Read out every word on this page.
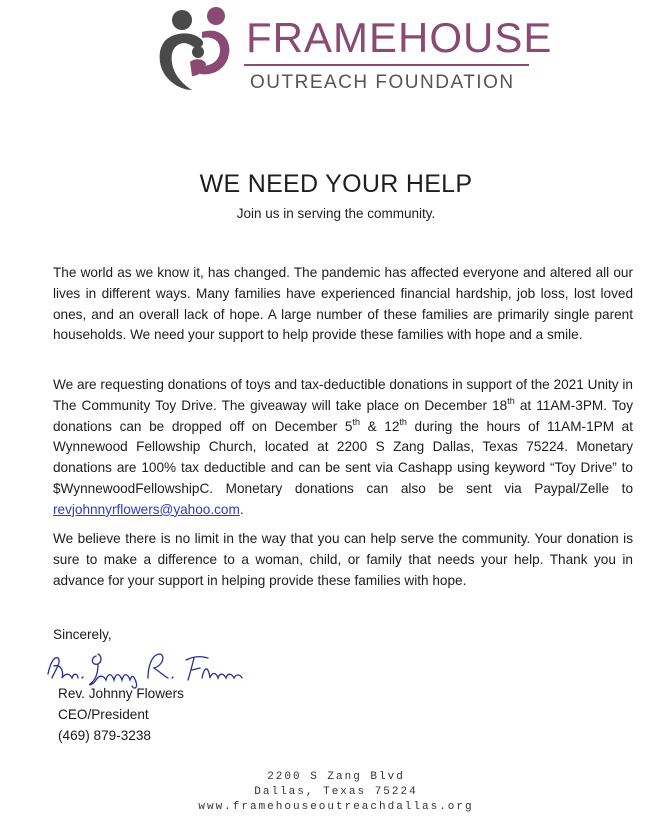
FRAMEHOUSE
OUTREACH FOUNDATION
WE NEED YOUR HELP
Join us in serving the community.
The world as we know it, has changed. The pandemic has affected everyone and altered all our lives in different ways. Many families have experienced financial hardship, job loss, lost loved ones, and an overall lack of hope. A large number of these families are primarily single parent households. We need your support to help provide these families with hope and a smile.
We are requesting donations of toys and tax-deductible donations in support of the 2021 Unity in The Community Toy Drive. The giveaway will take place on December 18th at 11AM-3PM. Toy donations can be dropped off on December 5th & 12th during the hours of 11AM-1PM at Wynnewood Fellowship Church, located at 2200 S Zang Dallas, Texas 75224. Monetary donations are 100% tax deductible and can be sent via Cashapp using keyword “Toy Drive” to $WynnewoodFellowshipC. Monetary donations can also be sent via Paypal/Zelle to revjohnnyrflowers@yahoo.com.
We believe there is no limit in the way that you can help serve the community. Your donation is sure to make a difference to a woman, child, or family that needs your help. Thank you in advance for your support in helping provide these families with hope.
Sincerely,
Rev. Johnny Flowers
CEO/President
(469) 879-3238
2200 S Zang Blvd
Dallas, Texas 75224
www.framehouseoutreachdallas.org
